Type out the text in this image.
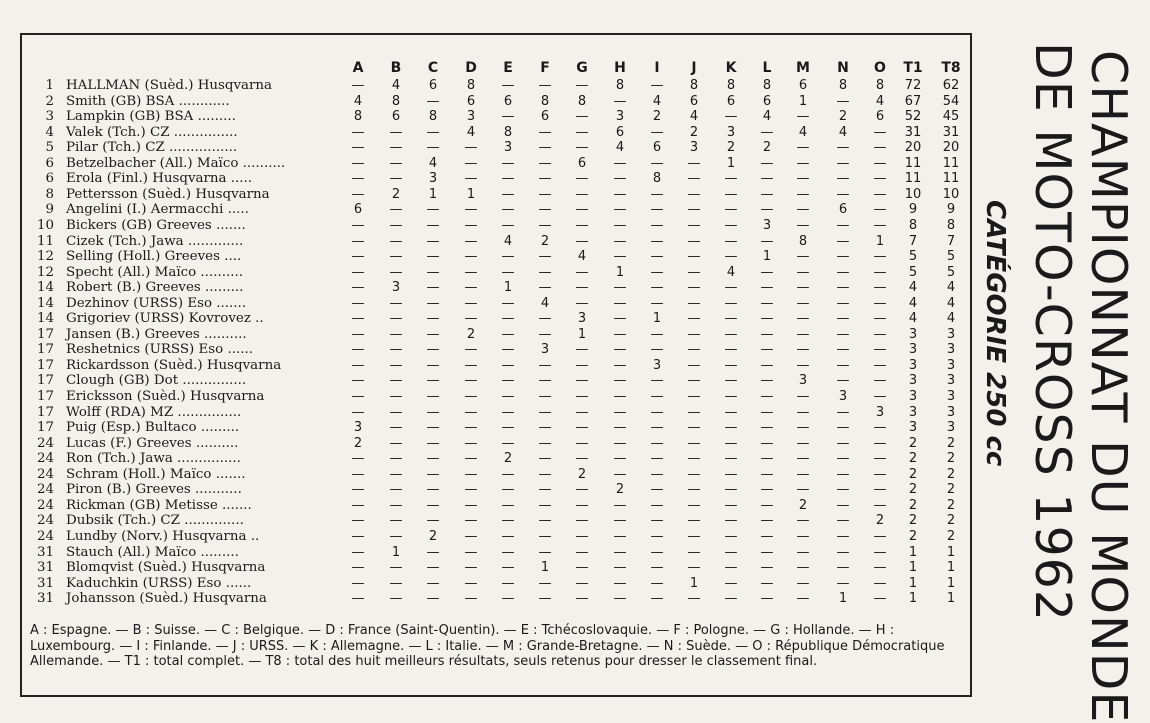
A	B	C	D	E	F	G	H	I	J	K	L	M	N	O	T1	T8
1 HALLMAN (Suèd.) Husqvarna	—	4	6	8	—	—	—	8	—	8	8	8	6	8	8	72	62
2 Smith (GB) BSA ............	4	8	—	6	6	8	8	—	4	6	6	6	1	—	4	67	54
3 Lampkin (GB) BSA .........	8	6	8	3	—	6	—	3	2	4	—	4	—	2	6	52	45
4 Valek (Tch.) CZ ...............	—	—	—	4	8	—	—	6	—	2	3	—	4	4	—	31	31
5 Pilar (Tch.) CZ ................	—	—	—	—	3	—	—	4	6	3	2	2	—	—	—	20	20
6 Betzelbacher (All.) Maïco ..........	—	—	4	—	—	—	6	—	—	—	1	—	—	—	—	11	11
6 Erola (Finl.) Husqvarna .....	—	—	3	—	—	—	—	—	8	—	—	—	—	—	—	11	11
8 Pettersson (Suèd.) Husqvarna	—	2	1	1	—	—	—	—	—	—	—	—	—	—	—	10	10
9 Angelini (I.) Aermacchi .....	6	—	—	—	—	—	—	—	—	—	—	—	—	6	—	9	9
10 Bickers (GB) Greeves .......	—	—	—	—	—	—	—	—	—	—	—	3	—	—	—	8	8
11 Cizek (Tch.) Jawa .............	—	—	—	—	4	2	—	—	—	—	—	—	8	—	1	7	7
12 Selling (Holl.) Greeves ....	—	—	—	—	—	—	4	—	—	—	—	1	—	—	—	5	5
12 Specht (All.) Maïco ..........	—	—	—	—	—	—	—	1	—	—	4	—	—	—	—	5	5
14 Robert (B.) Greeves .........	—	3	—	—	1	—	—	—	—	—	—	—	—	—	—	4	4
14 Dezhinov (URSS) Eso .......	—	—	—	—	—	4	—	—	—	—	—	—	—	—	—	4	4
14 Grigoriev (URSS) Kovrovez ..	—	—	—	—	—	—	3	—	1	—	—	—	—	—	—	4	4
17 Jansen (B.) Greeves ..........	—	—	—	2	—	—	1	—	—	—	—	—	—	—	—	3	3
17 Reshetnics (URSS) Eso ......	—	—	—	—	—	3	—	—	—	—	—	—	—	—	—	3	3
17 Rickardsson (Suèd.) Husqvarna	—	—	—	—	—	—	—	—	3	—	—	—	—	—	—	3	3
17 Clough (GB) Dot ...............	—	—	—	—	—	—	—	—	—	—	—	—	3	—	—	3	3
17 Ericksson (Suèd.) Husqvarna	—	—	—	—	—	—	—	—	—	—	—	—	—	3	—	3	3
17 Wolff (RDA) MZ ...............	—	—	—	—	—	—	—	—	—	—	—	—	—	—	3	3	3
17 Puig (Esp.) Bultaco .........	3	—	—	—	—	—	—	—	—	—	—	—	—	—	—	3	3
24 Lucas (F.) Greeves ..........	2	—	—	—	—	—	—	—	—	—	—	—	—	—	—	2	2
24 Ron (Tch.) Jawa ...............	—	—	—	—	2	—	—	—	—	—	—	—	—	—	—	2	2
24 Schram (Holl.) Maïco .......	—	—	—	—	—	—	2	—	—	—	—	—	—	—	—	2	2
24 Piron (B.) Greeves ...........	—	—	—	—	—	—	—	2	—	—	—	—	—	—	—	2	2
24 Rickman (GB) Metisse .......	—	—	—	—	—	—	—	—	—	—	—	—	2	—	—	2	2
24 Dubsik (Tch.) CZ ..............	—	—	—	—	—	—	—	—	—	—	—	—	—	—	2	2	2
24 Lundby (Norv.) Husqvarna ..	—	—	2	—	—	—	—	—	—	—	—	—	—	—	—	2	2
31 Stauch (All.) Maïco .........	—	1	—	—	—	—	—	—	—	—	—	—	—	—	—	1	1
31 Blomqvist (Suèd.) Husqvarna	—	—	—	—	—	1	—	—	—	—	—	—	—	—	—	1	1
31 Kaduchkin (URSS) Eso ......	—	—	—	—	—	—	—	—	—	1	—	—	—	—	—	1	1
31 Johansson (Suèd.) Husqvarna	—	—	—	—	—	—	—	—	—	—	—	—	—	1	—	1	1
A : Espagne. — B : Suisse. — C : Belgique. — D : France (Saint-Quentin). — E : Tchécoslovaquie. — F : Pologne. — G : Hollande. — H : Luxembourg. — I : Finlande. — J : URSS. — K : Allemagne. — L : Italie. — M : Grande-Bretagne. — N : Suède. — O : République Démocratique Allemande. — T1 : total complet. — T8 : total des huit meilleurs résultats, seuls retenus pour dresser le classement final.	CHAMPIONNAT DU MONDE
DE MOTO-CROSS 1962
CATÉGORIE 250 cc
